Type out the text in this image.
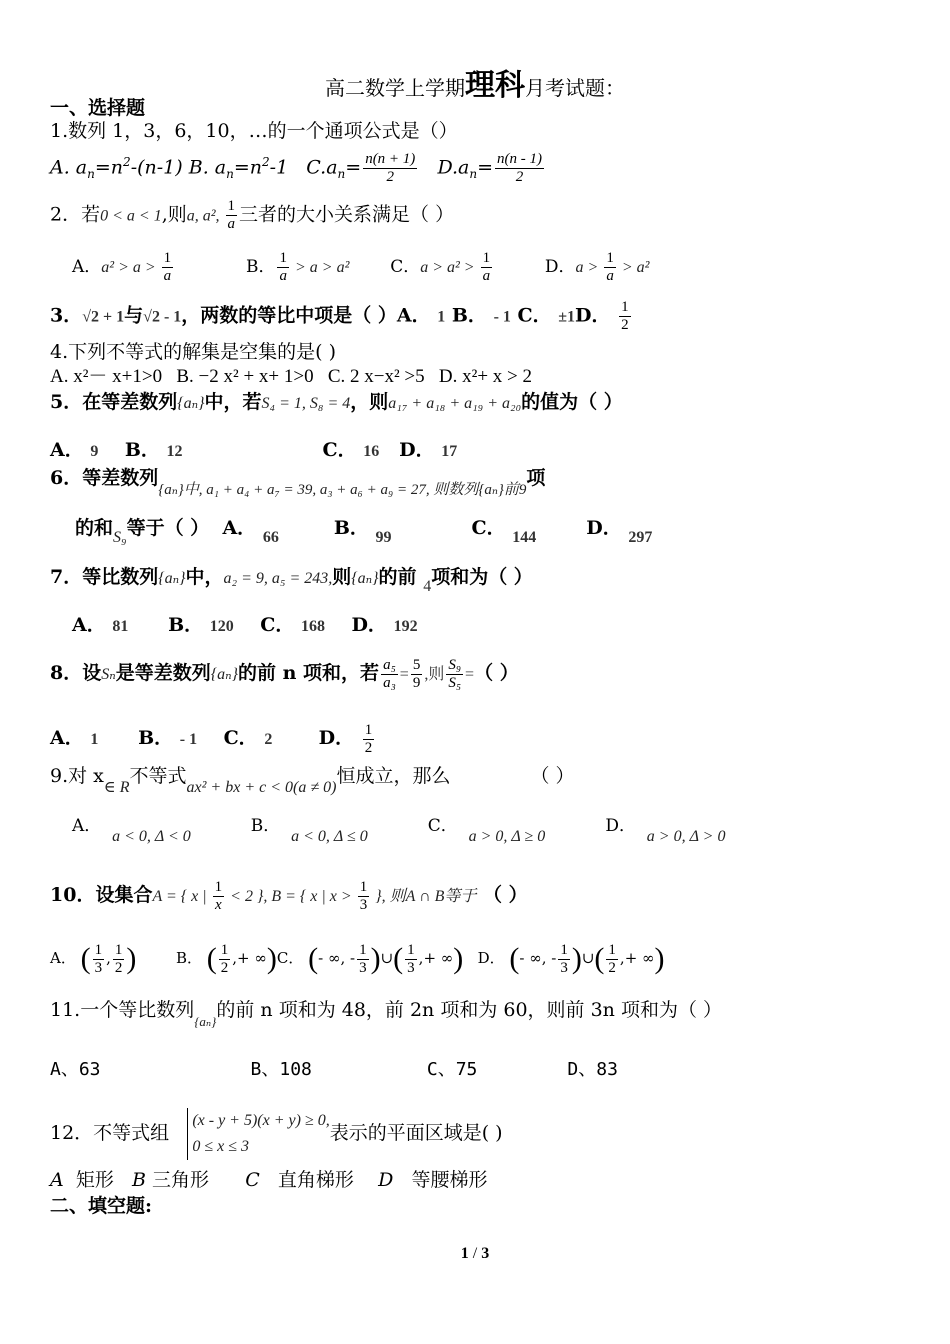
高二数学上学期理科月考试题：
一、选择题
1.数列 1，3，6，10，…的一个通项公式是（）
A. $a_n=n^2-(n-1)$ B. $a_n=n^2-1$ $C.a_n= \frac{n(n + 1)}{2} D.a_n= \frac{n(n - 1)}{2}$
2．若0 < a < 1,则a, a², $\frac{1}{a}$ 三者的大小关系满足（ ）
A．$a^2 > a > \frac{1}{a}$	B． $\frac{1}{a} > a > a^2$ C．$a > a^2 > \frac{1}{a}$	D．$a > \frac{1}{a} > a^2$
3．√2 + 1与√2 - 1，两数的等比中项是（ ）A． 1 B． - 1 C． ±1D． $\frac{1}{2}$
4.下列不等式的解集是空集的是( )
A. x²－ x+1>0 B. −2 x² + x+ 1>0 C. 2 x−x² >5 D. x²+ x > 2
5．在等差数列{aₙ}中，若S₄ = 1, S₈ = 4，则a₁₇ + a₁₈ + a₁₉ + a₂₀的值为（ ）
A． 9 B． 12	C． 16 D． 17
6．等差数列$_{\{a_n\}中, a_1 + a_4 + a_7 = 39, a_3 + a_6 + a_9 = 27, 则数列\{a_n\}前9}$项
的和$_{S_9}$等于（ ） A． $_{66}$	B． $_{99}$	C． $_{144}$	D． $_{297}$
7．等比数列{aₙ}中，a₂ = 9, a₅ = 243,则{aₙ}的前 $_4$项和为（ ）
A． 81 B． 120 C． 168 D． 192
8．设Sₙ是等差数列{aₙ}的前 n 项和，若 $\frac{\text{a₅}}{\text{a₃}} = \frac{5}{9}$ ,则 $\frac{\text{S₉}}{\text{S₅}}$ =（ ）
A． 1 B． - 1 C． 2 D． $\frac{1}{2}$
9.对 $x_{\in R}$不等式$_{ax^2 + bx + c < 0(a \ne 0)}$恒成立，那么	（ ）
A．  a < 0, Δ < 0B．  a < 0, Δ ≤ 0C．  a > 0, Δ ≥ 0D．  a > 0, Δ > 0
10．设集合A = { x | $\frac{1}{x} < 2$ }, B = { x | $x > \frac{1}{3}$ }, 则A ∩ B等于 （ ）
A． ( $\frac{1}{3}$ , $\frac{1}{2}$ )	B． ( $\frac{1}{2}$ ,+ ∞)C． (- ∞, - $\frac{1}{3}$ )∪( $\frac{1}{3}$ ,+ ∞) D． (- ∞, - $\frac{1}{3}$ )∪( $\frac{1}{2}$ ,+ ∞)
11.一个等比数列$_{\{a_n\}}$的前 n 项和为 48，前 2n 项和为 60，则前 3n 项和为（ ）
A、63	B、108	C、75	D、83
12．不等式组
(x - y + 5)(x + y) ≥ 0,
0 ≤ x ≤ 3
表示的平面区域是( )
A 矩形 B 三角形 C 直角梯形 D 等腰梯形
二、填空题:
1 / 3
